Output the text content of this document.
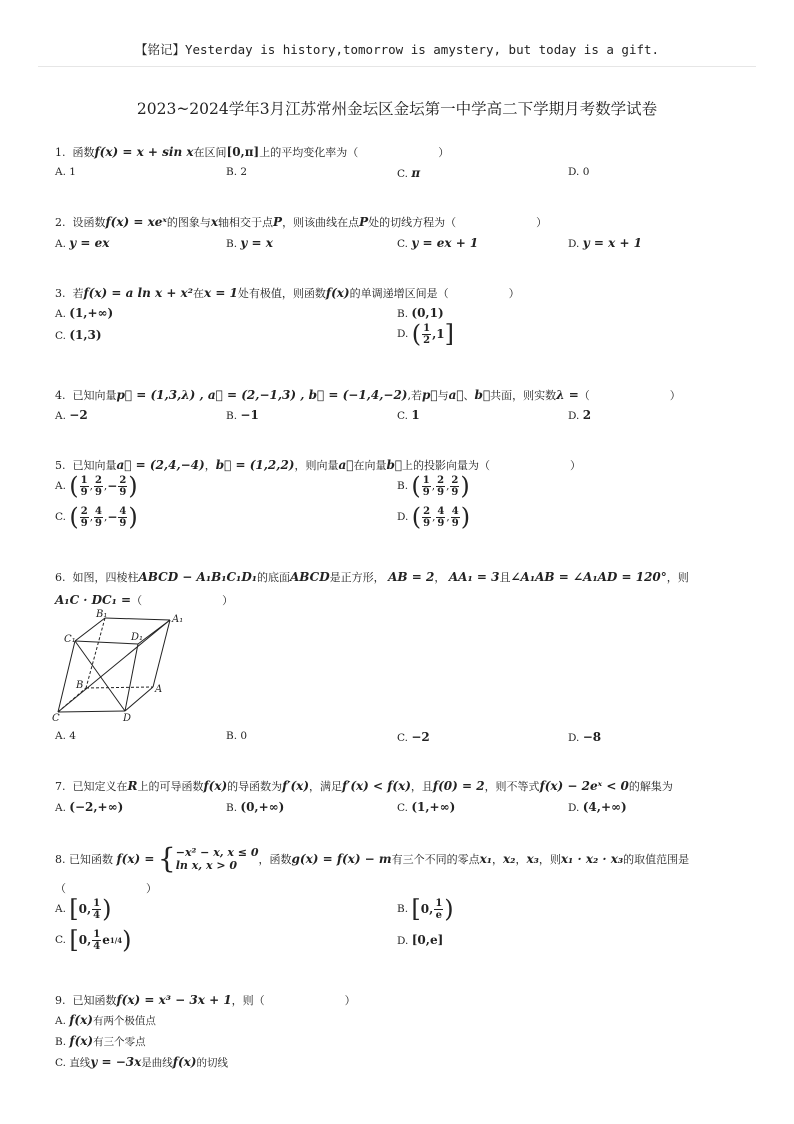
【铭记】Yesterday is history,tomorrow is amystery, but today is a gift.
2023~2024学年3月江苏常州金坛区金坛第一中学高二下学期月考数学试卷
1. 函数f(x) = x + sin x在区间[0,π]上的平均变化率为（	）
A. 1	B. 2	C. π	D. 0
2. 设函数f(x) = xeˣ的图象与x轴相交于点P，则该曲线在点P处的切线方程为（	）
A. y = ex	B. y = x	C. y = ex + 1	D. y = x + 1
3. 若f(x) = a ln x + x²在x = 1处有极值，则函数f(x)的单调递增区间是（	）
A. (1,+∞)	B. (0,1)
C. (1,3)	D.
( $\frac{1}{2} ,1$ ]
4. 已知向量p⃗ = (1,3,λ) , a⃗ = (2,−1,3) , b⃗ = (−1,4,−2),若p⃗与a⃗、b⃗共面，则实数λ =（	）
A. −2	B. −1	C. 1	D. 2
5. 已知向量a⃗ = (2,4,−4)，b⃗ = (1,2,2)，则向量a⃗在向量b⃗上的投影向量为（	）
A.
( $\frac{1}{9}$ , $\frac{2}{9}$ , − $\frac{2}{9}$ )	B.
( $\frac{1}{9}$ , $\frac{2}{9}$ , $\frac{2}{9}$ )
C.
( $\frac{2}{9}$ , $\frac{4}{9}$ , − $\frac{4}{9}$ )	D.
( $\frac{2}{9}$ , $\frac{4}{9}$ , $\frac{4}{9}$ )
6. 如图，四棱柱ABCD − A₁B₁C₁D₁的底面ABCD是正方形， AB = 2， AA₁ = 3且∠A₁AB = ∠A₁AD = 120°，则
A₁C · DC₁ =（	）
B₁
C₁	D₁
A₁
B	A
C	D
A. 4	B. 0	C. −2	D. −8
7. 已知定义在R上的可导函数f(x)的导函数为f′(x)，满足f′(x) < f(x)，且f(0) = 2，则不等式f(x) − 2eˣ < 0的解集为
A. (−2,+∞)	B. (0,+∞)	C. (1,+∞)	D. (4,+∞)
8.
已知函数
f(x) =
{ −x² − x, x ≤ 0
ln x, x > 0	，函数 g(x) = f(x) − m 有三个不同的零点 x₁ ， x₂ ， x₃ ，则 x₁ · x₂ · x₃ 的取值范围是
（	）
A.
[ 0, $\frac{1}{4}$ )	B.
[ 0, $\frac{1}{e}$ )
C.
[ 0, $\frac{1}{4}$ e 1/4 )	D. [0,e]
9. 已知函数f(x) = x³ − 3x + 1，则（	）
A. f(x)有两个极值点
B. f(x)有三个零点
C. 直线y = −3x是曲线f(x)的切线
